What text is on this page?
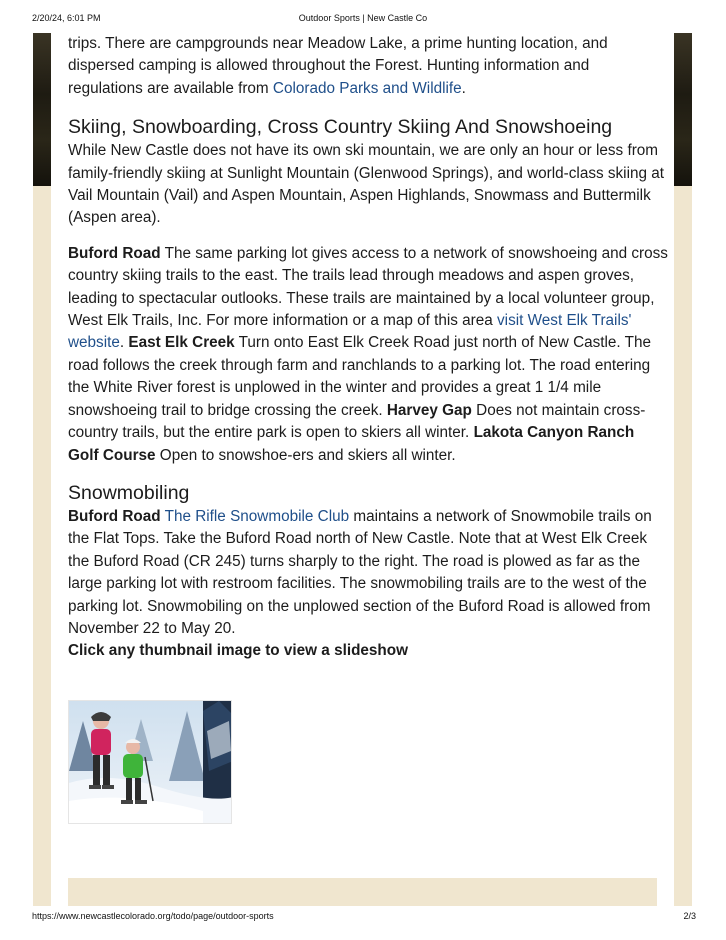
2/20/24, 6:01 PM	Outdoor Sports | New Castle Co

trips. There are campgrounds near Meadow Lake, a prime hunting location, and dispersed camping is allowed throughout the Forest. Hunting information and regulations are available from Colorado Parks and Wildlife.

Skiing, Snowboarding, Cross Country Skiing And Snowshoeing

While New Castle does not have its own ski mountain, we are only an hour or less from family-friendly skiing at Sunlight Mountain (Glenwood Springs), and world-class skiing at Vail Mountain (Vail) and Aspen Mountain, Aspen Highlands, Snowmass and Buttermilk (Aspen area).

Buford Road The same parking lot gives access to a network of snowshoeing and cross country skiing trails to the east. The trails lead through meadows and aspen groves, leading to spectacular outlooks. These trails are maintained by a local volunteer group, West Elk Trails, Inc. For more information or a map of this area visit West Elk Trails' website. East Elk Creek Turn onto East Elk Creek Road just north of New Castle. The road follows the creek through farm and ranchlands to a parking lot. The road entering the White River forest is unplowed in the winter and provides a great 1 1/4 mile snowshoeing trail to bridge crossing the creek. Harvey Gap Does not maintain cross-country trails, but the entire park is open to skiers all winter. Lakota Canyon Ranch Golf Course Open to snowshoe-ers and skiers all winter.

Snowmobiling

Buford Road The Rifle Snowmobile Club maintains a network of Snowmobile trails on the Flat Tops. Take the Buford Road north of New Castle. Note that at West Elk Creek the Buford Road (CR 245) turns sharply to the right. The road is plowed as far as the large parking lot with restroom facilities. The snowmobiling trails are to the west of the parking lot. Snowmobiling on the unplowed section of the Buford Road is allowed from November 22 to May 20.

Click any thumbnail image to view a slideshow

https://www.newcastlecolorado.org/todo/page/outdoor-sports	2/3
